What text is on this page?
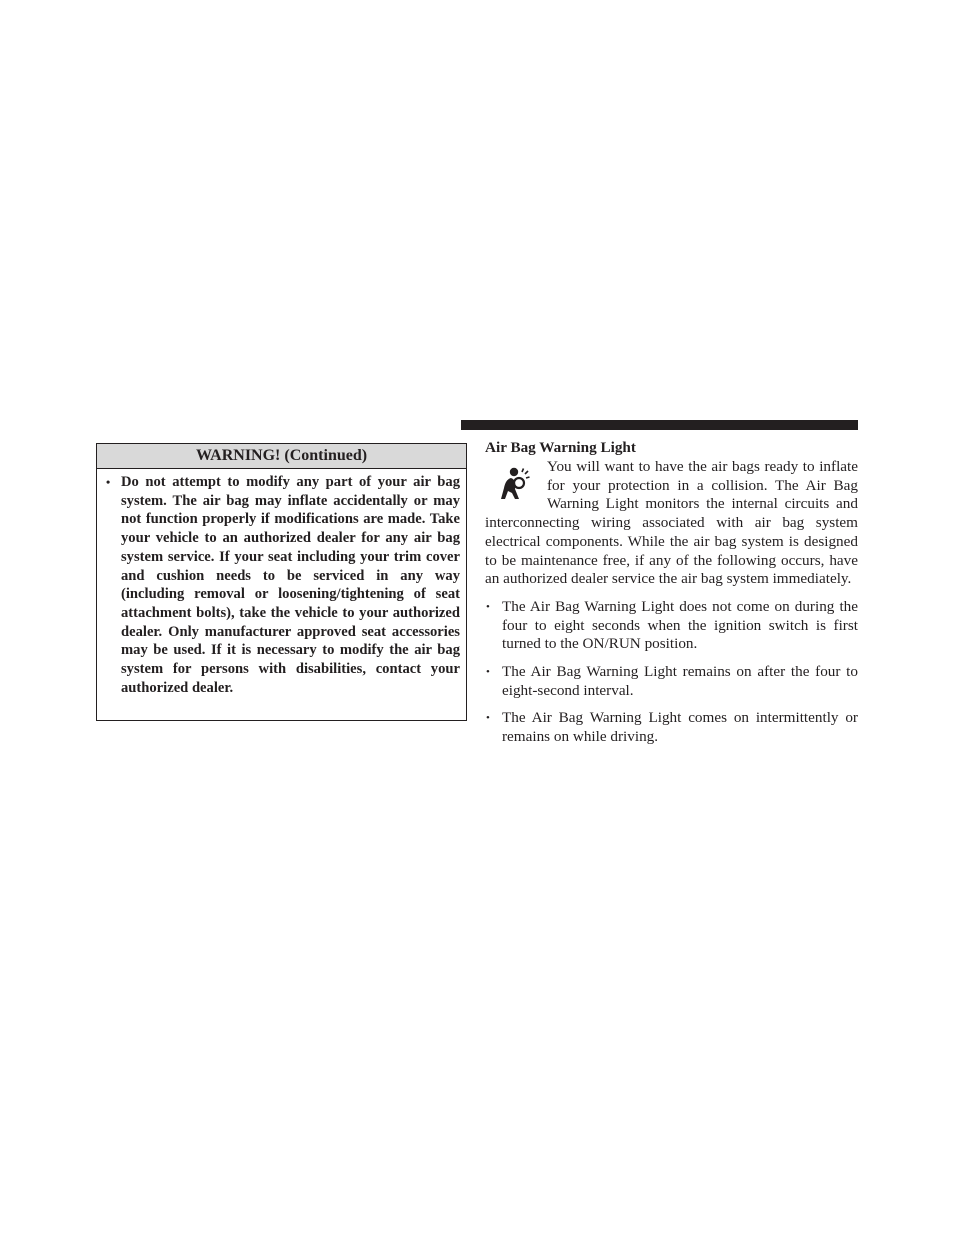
WARNING! (Continued)
• Do not attempt to modify any part of your air bag system. The air bag may inflate accidentally or may not function properly if modifications are made. Take your vehicle to an authorized dealer for any air bag system service. If your seat including your trim cover and cushion needs to be serviced in any way (including removal or loosening/tightening of seat attachment bolts), take the vehicle to your authorized dealer. Only manufacturer approved seat accessories may be used. If it is necessary to modify the air bag system for persons with disabilities, contact your authorized dealer.
Air Bag Warning Light

You will want to have the air bags ready to inflate for your protection in a collision. The Air Bag Warning Light monitors the internal circuits and interconnecting wiring associated with air bag system electrical components. While the air bag system is designed to be maintenance free, if any of the following occurs, have an authorized dealer service the air bag system immediately.

• The Air Bag Warning Light does not come on during the four to eight seconds when the ignition switch is first turned to the ON/RUN position.
• The Air Bag Warning Light remains on after the four to eight-second interval.
• The Air Bag Warning Light comes on intermittently or remains on while driving.
